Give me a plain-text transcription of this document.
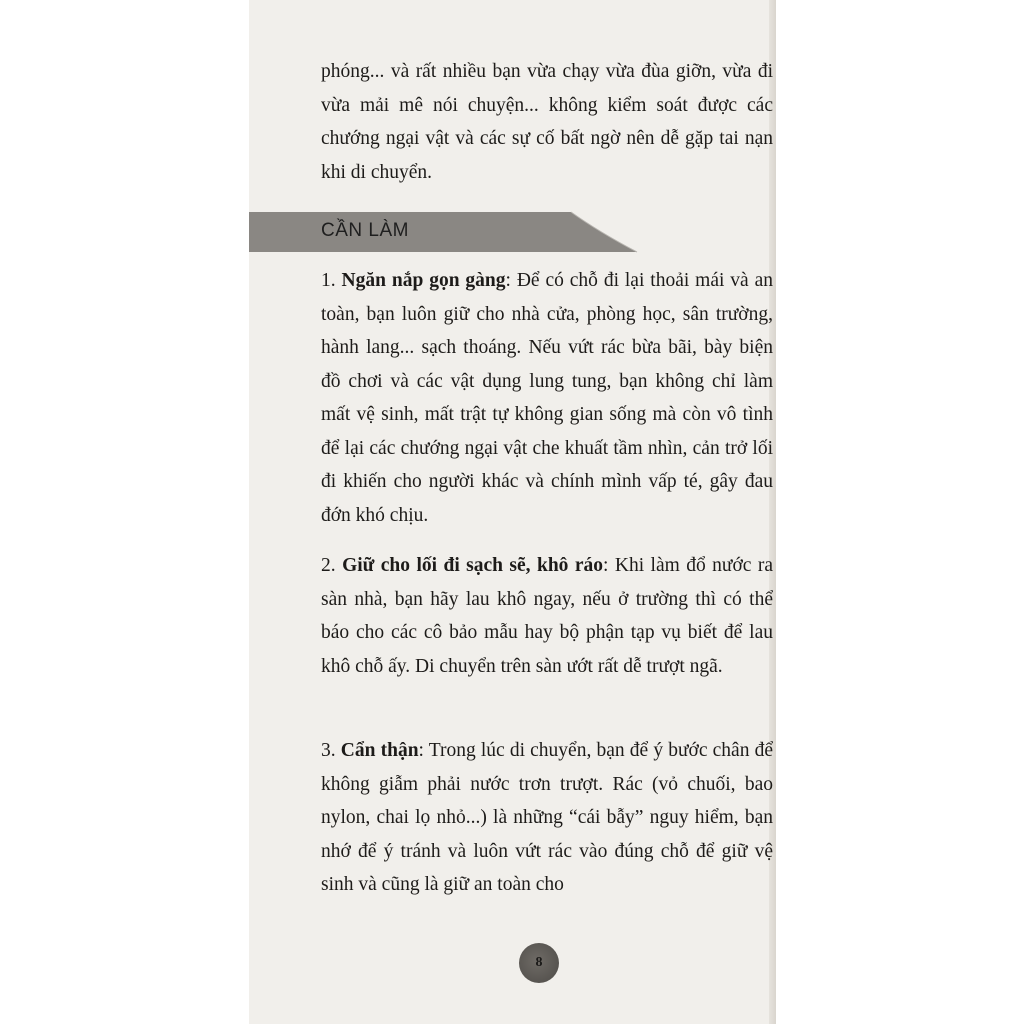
phóng... và rất nhiều bạn vừa chạy vừa đùa giỡn, vừa đi vừa mải mê nói chuyện... không kiểm soát được các chướng ngại vật và các sự cố bất ngờ nên dễ gặp tai nạn khi di chuyển.

CẦN LÀM

1. Ngăn nắp gọn gàng: Để có chỗ đi lại thoải mái và an toàn, bạn luôn giữ cho nhà cửa, phòng học, sân trường, hành lang... sạch thoáng. Nếu vứt rác bừa bãi, bày biện đồ chơi và các vật dụng lung tung, bạn không chỉ làm mất vệ sinh, mất trật tự không gian sống mà còn vô tình để lại các chướng ngại vật che khuất tầm nhìn, cản trở lối đi khiến cho người khác và chính mình vấp té, gây đau đớn khó chịu.

2. Giữ cho lối đi sạch sẽ, khô ráo: Khi làm đổ nước ra sàn nhà, bạn hãy lau khô ngay, nếu ở trường thì có thể báo cho các cô bảo mẫu hay bộ phận tạp vụ biết để lau khô chỗ ấy. Di chuyển trên sàn ướt rất dễ trượt ngã.

3. Cẩn thận: Trong lúc di chuyển, bạn để ý bước chân để không giẫm phải nước trơn trượt. Rác (vỏ chuối, bao nylon, chai lọ nhỏ...) là những “cái bẫy” nguy hiểm, bạn nhớ để ý tránh và luôn vứt rác vào đúng chỗ để giữ vệ sinh và cũng là giữ an toàn cho

8
